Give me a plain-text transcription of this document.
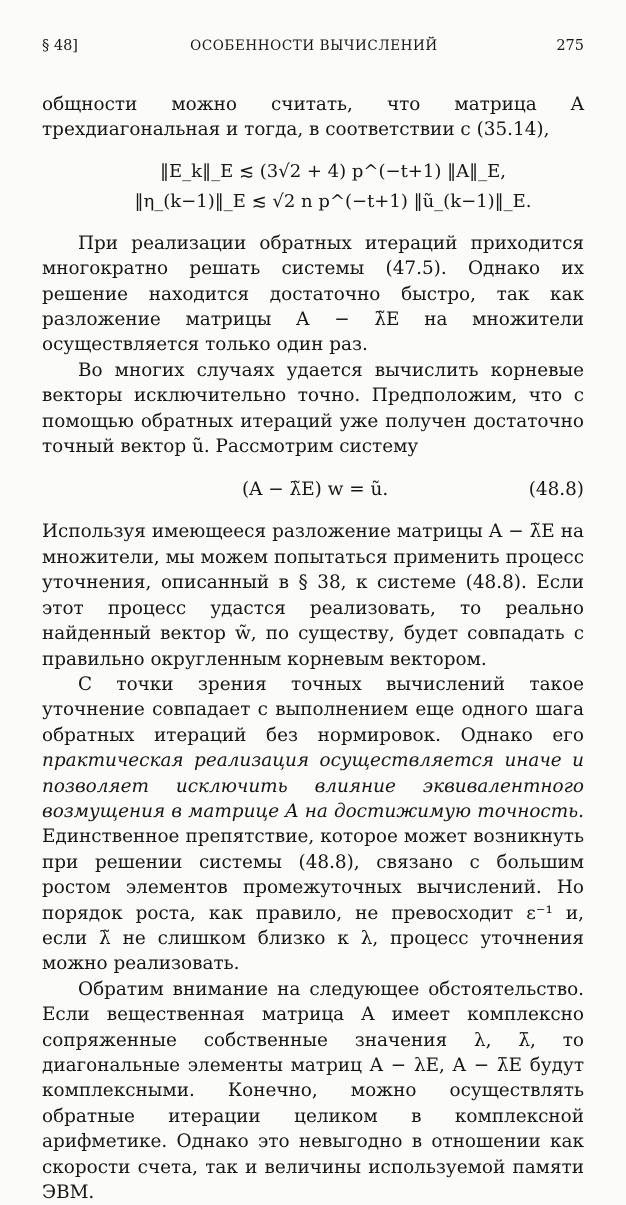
§ 48]	ОСОБЕННОСТИ ВЫЧИСЛЕНИЙ	275

общности можно считать, что матрица A трехдиагональная и тогда, в соответствии с (35.14),

‖E_k‖_E ≲ (3√2 + 4) p^(−t+1) ‖A‖_E,
‖η_(k−1)‖_E ≲ √2 n p^(−t+1) ‖ũ_(k−1)‖_E.

При реализации обратных итераций приходится многократно решать системы (47.5). Однако их решение находится достаточно быстро, так как разложение матрицы A − λ̃E на множители осуществляется только один раз.

Во многих случаях удается вычислить корневые векторы исключительно точно. Предположим, что с помощью обратных итераций уже получен достаточно точный вектор ũ. Рассмотрим систему

(A − λ̃E) w = ũ.	(48.8)

Используя имеющееся разложение матрицы A − λ̃E на множители, мы можем попытаться применить процесс уточнения, описанный в § 38, к системе (48.8). Если этот процесс удастся реализовать, то реально найденный вектор w̃, по существу, будет совпадать с правильно округленным корневым вектором.

С точки зрения точных вычислений такое уточнение совпадает с выполнением еще одного шага обратных итераций без нормировок. Однако его практическая реализация осуществляется иначе и позволяет исключить влияние эквивалентного возмущения в матрице A на достижимую точность. Единственное препятствие, которое может возникнуть при решении системы (48.8), связано с большим ростом элементов промежуточных вычислений. Но порядок роста, как правило, не превосходит ε⁻¹ и, если λ̃ не слишком близко к λ, процесс уточнения можно реализовать.

Обратим внимание на следующее обстоятельство. Если вещественная матрица A имеет комплексно сопряженные собственные значения λ, λ̄, то диагональные элементы матриц A − λE, A − λ̄E будут комплексными. Конечно, можно осуществлять обратные итерации целиком в комплексной арифметике. Однако это невыгодно в отношении как скорости счета, так и величины используемой памяти ЭВМ.
